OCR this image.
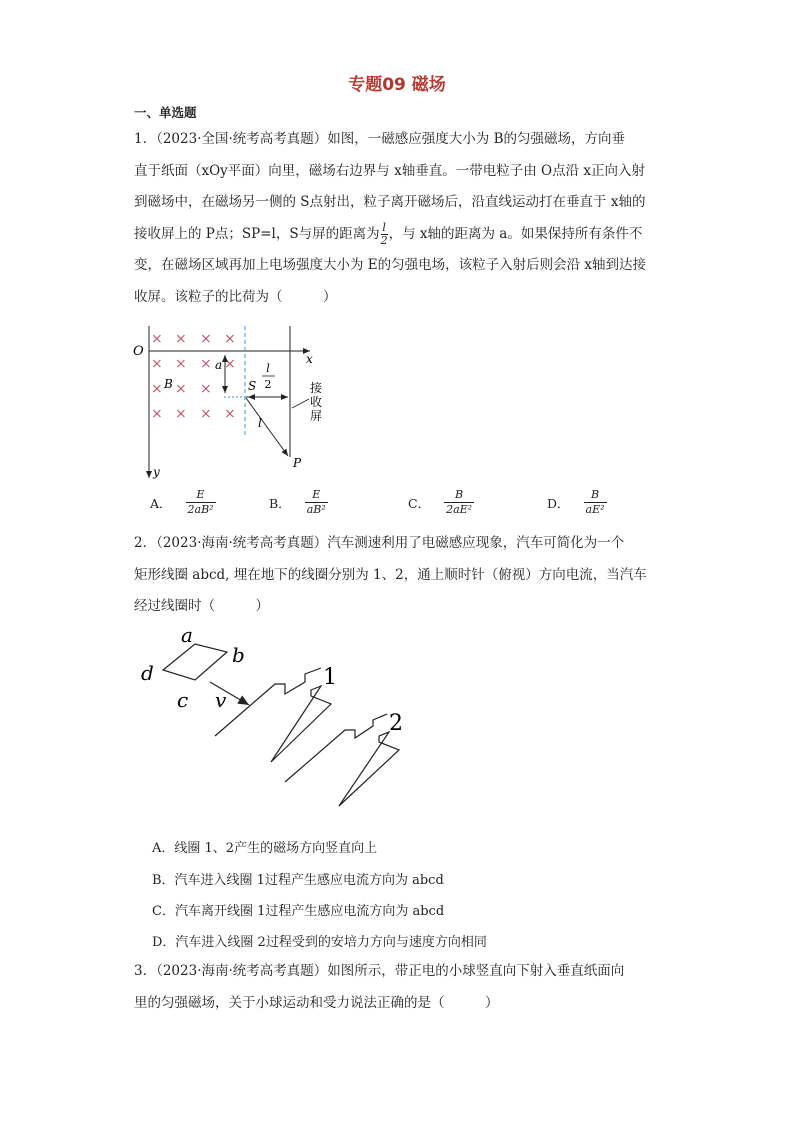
专题09 磁场
一、单选题
1．（2023·全国·统考高考真题）如图，一磁感应强度大小为 B的匀强磁场，方向垂
直于纸面（xOy平面）向里，磁场右边界与 x轴垂直。一带电粒子由 O点沿 x正向入射
到磁场中，在磁场另一侧的 S点射出，粒子离开磁场后，沿直线运动打在垂直于 x轴的
接收屏上的 P点；SP=l，S与屏的距离为 $\frac{l}{2}$ ，与 x轴的距离为 a。如果保持所有条件不
变，在磁场区域再加上电场强度大小为 E的匀强电场，该粒子入射后则会沿 x轴到达接
收屏。该粒子的比荷为（　　　）
× × × ×
× × × ×
× × ×
× × × ×
O	x
y
a
B	S
l
l
2
P
接
收
屏
A． $\frac{E}{\text{2aB²}}$	B． $\frac{E}{\text{aB²}}$	C． $\frac{B}{\text{2aE²}}$	D． $\frac{B}{\text{aE²}}$
2．（2023·海南·统考高考真题）汽车测速利用了电磁感应现象，汽车可简化为一个
矩形线圈 abcd, 埋在地下的线圈分别为 1、2，通上顺时针（俯视）方向电流，当汽车
经过线圈时（　　　）
a
b
c
d
v
1
2
A．线圈 1、2产生的磁场方向竖直向上
B．汽车进入线圈 1过程产生感应电流方向为 abcd
C．汽车离开线圈 1过程产生感应电流方向为 abcd
D．汽车进入线圈 2过程受到的安培力方向与速度方向相同
3．（2023·海南·统考高考真题）如图所示，带正电的小球竖直向下射入垂直纸面向
里的匀强磁场，关于小球运动和受力说法正确的是（　　　）
